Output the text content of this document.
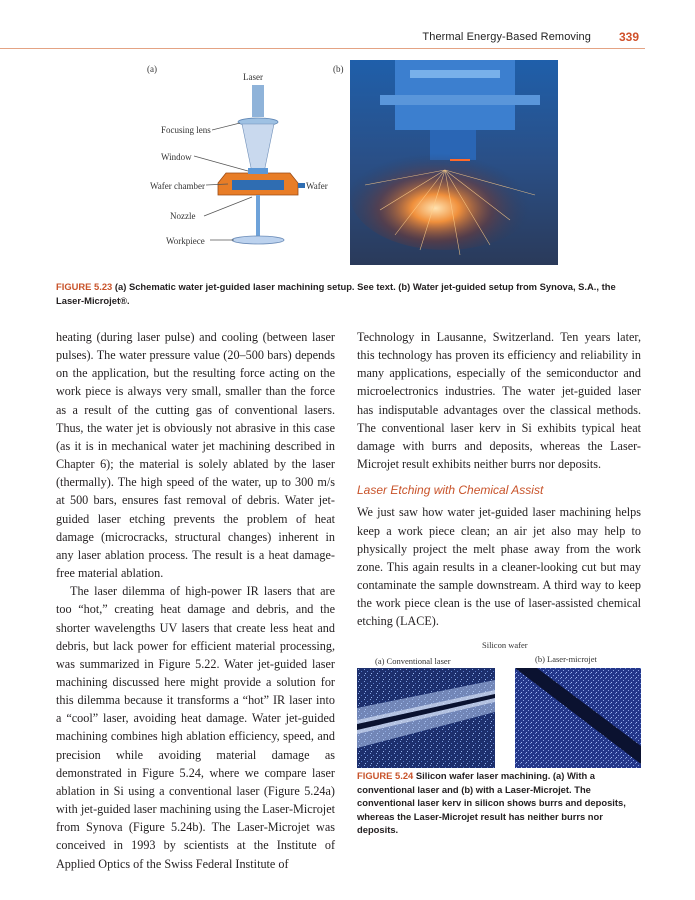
Thermal Energy-Based Removing 339
(a)
Laser
Focusing lens
Window
Wafer chamber	Wafer
Nozzle
Workpiece
(b)
FIGURE 5.23 (a) Schematic water jet-guided laser machining setup. See text. (b) Water jet-guided setup from Synova, S.A., the Laser-Microjet®.

heating (during laser pulse) and cooling (between laser pulses). The water pressure value (20–500 bars) depends on the application, but the resulting force acting on the work piece is always very small, smaller than the force as a result of the cutting gas of conventional lasers. Thus, the water jet is obviously not abrasive in this case (as it is in mechanical water jet machining described in Chapter 6); the material is solely ablated by the laser (thermally). The high speed of the water, up to 300 m/s at 500 bars, ensures fast removal of debris. Water jet-guided laser etching prevents the problem of heat damage (microcracks, structural changes) inherent in any laser ablation process. The result is a heat damage-free material ablation.

The laser dilemma of high-power IR lasers that are too “hot,” creating heat damage and debris, and the shorter wavelengths UV lasers that create less heat and debris, but lack power for efficient material processing, was summarized in Figure 5.22. Water jet-guided laser machining discussed here might provide a solution for this dilemma because it transforms a “hot” IR laser into a “cool” laser, avoiding heat damage. Water jet-guided machining combines high ablation efficiency, speed, and precision while avoiding material damage as demonstrated in Figure 5.24, where we compare laser ablation in Si using a conventional laser (Figure 5.24a) with jet-guided laser machining using the Laser-Microjet from Synova (Figure 5.24b). The Laser-Microjet was conceived in 1993 by scientists at the Institute of Applied Optics of the Swiss Federal Institute of

Technology in Lausanne, Switzerland. Ten years later, this technology has proven its efficiency and reliability in many applications, especially of the semiconductor and microelectronics industries. The water jet-guided laser has indisputable advantages over the classical methods. The conventional laser kerv in Si exhibits typical heat damage with burrs and deposits, whereas the Laser-Microjet result exhibits neither burrs nor deposits.

Laser Etching with Chemical Assist

We just saw how water jet-guided laser machining helps keep a work piece clean; an air jet also may help to physically project the melt phase away from the work zone. This again results in a cleaner-looking cut but may contaminate the sample downstream. A third way to keep the work piece clean is the use of laser-assisted chemical etching (LACE).

Silicon wafer
(a) Conventional laser	(b) Laser-microjet
FIGURE 5.24 Silicon wafer laser machining. (a) With a conventional laser and (b) with a Laser-Microjet. The conventional laser kerv in silicon shows burrs and deposits, whereas the Laser-Microjet result has neither burrs nor deposits.
